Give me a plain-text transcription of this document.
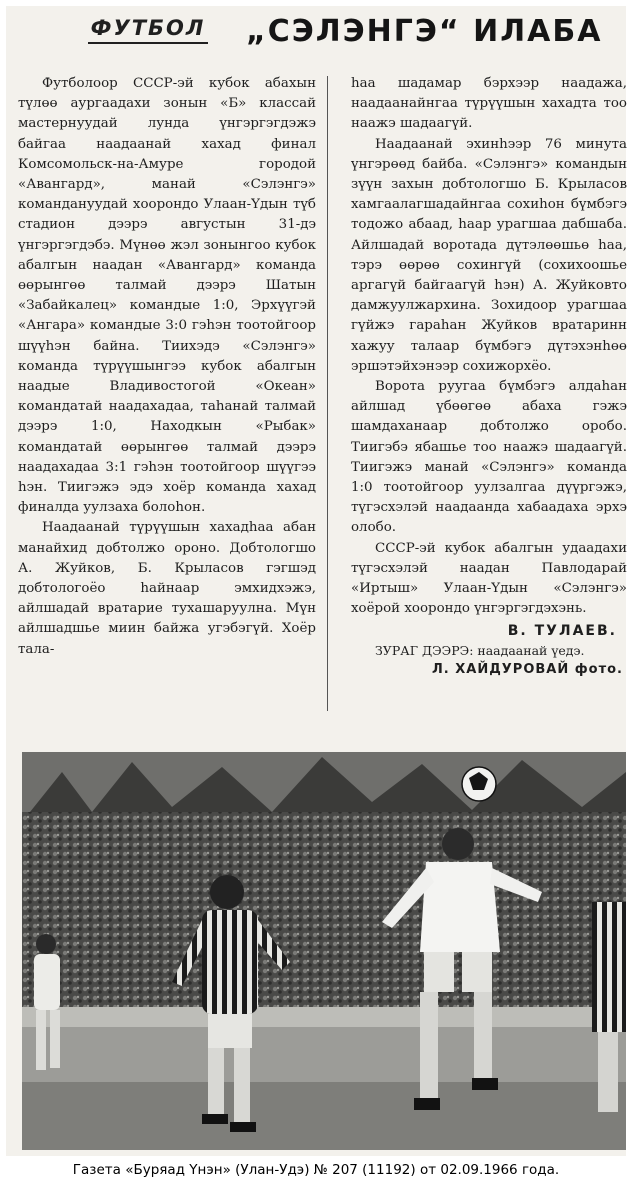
ФУТБОЛ „СЭЛЭНГЭ“ ИЛАБА

Футболоор СССР-эй кубок абахын түлөө аургаадахи зонын «Б» классай мастернуудай лунда үнгэргэгдэжэ байгаа наадаанай хахад финал Комсомольск-на-Амуре городой «Авангард», манай «Сэлэнгэ» командануудай хоорондо Улаан-Үдын түб стадион дээрэ августын 31-дэ үнгэргэгдэбэ. Мүнөө жэл зонынгоо кубок абалгын наадан «Авангард» команда өөрынгөө талмай дээрэ Шатын «Забайкалец» командые 1:0, Эрхүүгэй «Ангара» командые 3:0 гэһэн тоотойгоор шүүһэн байна. Тиихэдэ «Сэлэнгэ» команда түрүүшынгээ кубок абалгын наадые Владивостогой «Океан» командатай наадахадаа, таһанай талмай дээрэ 1:0, Находкын «Рыбак» командатай өөрынгөө талмай дээрэ наадахадаа 3:1 гэһэн тоотойгоор шүүгээ һэн. Тиигэжэ эдэ хоёр команда хахад финалда уулзаха болоһон.

Наадаанай түрүүшын хахадһаа абан манайхид добтолжо ороно. Добтологшо А. Жуйков, Б. Крыласов гэгшэд добтологоёо һайнаар эмхидхэжэ, айлшадай вратарие тухашаруулна. Мүн айлшадшье миин байжа угэбэгүй. Хоёр тала-

һаа шадамар бэрхээр наадажа, наадаанайнгаа түрүүшын хахадта тоо наажэ шадаагүй.

Наадаанай эхинһээр 76 минута үнгэрөөд байба. «Сэлэнгэ» командын зүүн захын добтологшо Б. Крыласов хамгаалагшадайнгаа сохиһон бүмбэгэ тодожо абаад, һаар урагшаа дабшаба. Айлшадай воротада дүтэлөөшьө һаа, тэрэ өөрөө сохингүй (сохихоошье аргагүй байгаагүй һэн) А. Жуйковто дамжуулжархина. Зохидоор урагшаа гүйжэ гараһан Жуйков вратаринн хажуу талаар бүмбэгэ дүтэхэнһөө эршэтэйхэнээр сохижорхёо.

Ворота руугаа бүмбэгэ алдаһан айлшад үбөөгөө абаха гэжэ шамдаханаар добтолжо оробо. Тиигэбэ ябашье тоо наажэ шадаагүй. Тиигэжэ манай «Сэлэнгэ» команда 1:0 тоотойгоор уулзалгаа дүүргэжэ, түгэсхэлэй наадаанда хабаадаха эрхэ олобо.

СССР-эй кубок абалгын удаадахи түгэсхэлэй наадан Павлодарай «Иртыш» Улаан-Үдын «Сэлэнгэ» хоёрой хоорондо үнгэргэгдэхэнь.

В. ТУЛАЕВ.

ЗУРАГ ДЭЭРЭ: наадаанай үедэ.

Л. ХАЙДУРОВАЙ фото.
Газета «Буряад Үнэн» (Улан-Удэ) № 207 (11192) от 02.09.1966 года.
